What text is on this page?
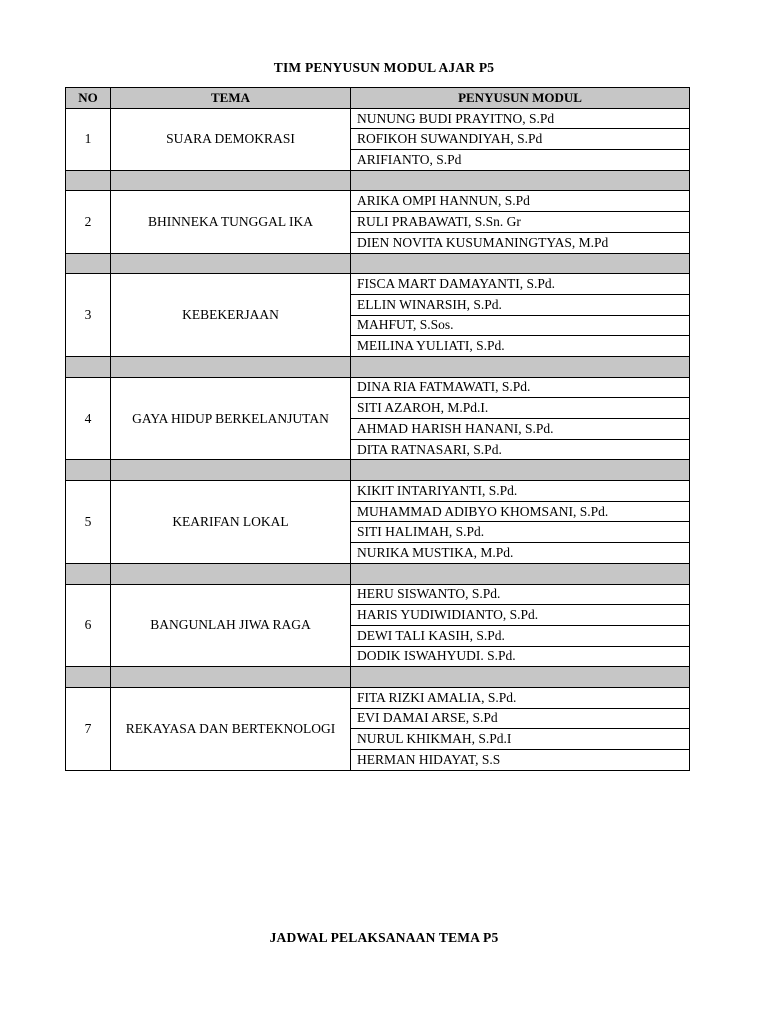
TIM PENYUSUN MODUL AJAR P5
NO	TEMA	PENYUSUN MODUL
1	SUARA DEMOKRASI	NUNUNG BUDI PRAYITNO, S.Pd
		ROFIKOH SUWANDIYAH, S.Pd
		ARIFIANTO, S.Pd

2	BHINNEKA TUNGGAL IKA	ARIKA OMPI HANNUN, S.Pd
		RULI PRABAWATI, S.Sn. Gr
		DIEN NOVITA KUSUMANINGTYAS, M.Pd

3	KEBEKERJAAN	FISCA MART DAMAYANTI, S.Pd.
		ELLIN WINARSIH, S.Pd.
		MAHFUT, S.Sos.
		MEILINA YULIATI, S.Pd.

4	GAYA HIDUP BERKELANJUTAN	DINA RIA FATMAWATI, S.Pd.
		SITI AZAROH, M.Pd.I.
		AHMAD HARISH HANANI, S.Pd.
		DITA RATNASARI, S.Pd.

5	KEARIFAN LOKAL	KIKIT INTARIYANTI, S.Pd.
		MUHAMMAD ADIBYO KHOMSANI, S.Pd.
		SITI HALIMAH, S.Pd.
		NURIKA MUSTIKA, M.Pd.

6	BANGUNLAH JIWA RAGA	HERU SISWANTO, S.Pd.
		HARIS YUDIWIDIANTO, S.Pd.
		DEWI TALI KASIH, S.Pd.
		DODIK ISWAHYUDI. S.Pd.

7	REKAYASA DAN BERTEKNOLOGI	FITA RIZKI AMALIA, S.Pd.
		EVI DAMAI ARSE, S.Pd
		NURUL KHIKMAH, S.Pd.I
		HERMAN HIDAYAT, S.S
JADWAL PELAKSANAAN TEMA P5
